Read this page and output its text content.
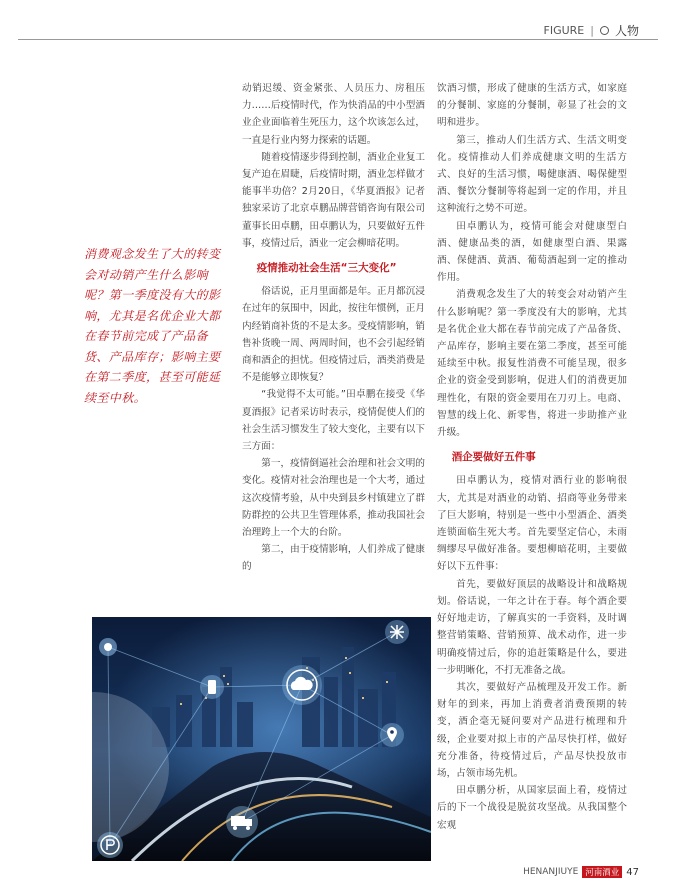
FIGURE | 人物
消费观念发生了大的转变会对动销产生什么影响呢？第一季度没有大的影响，尤其是名优企业大都在春节前完成了产品备货、产品库存；影响主要在第二季度，甚至可能延续至中秋。

动销迟缓、资金紧张、人员压力、房租压力……后疫情时代，作为快消品的中小型酒业企业面临着生死压力，这个坎该怎么过，一直是行业内努力探索的话题。

随着疫情逐步得到控制，酒业企业复工复产迫在眉睫，后疫情时期，酒业怎样做才能事半功倍？2月20日，《华夏酒报》记者独家采访了北京卓鹏品牌营销咨询有限公司董事长田卓鹏，田卓鹏认为，只要做好五件事，疫情过后，酒业一定会柳暗花明。

疫情推动社会生活“三大变化”

俗话说，正月里面都是年。正月都沉浸在过年的氛围中，因此，按往年惯例，正月内经销商补货的不是太多。受疫情影响，销售补货晚一周、两周时间，也不会引起经销商和酒企的担忧。但疫情过后，酒类消费是不是能够立即恢复？

“我觉得不太可能。”田卓鹏在接受《华夏酒报》记者采访时表示，疫情促使人们的社会生活习惯发生了较大变化，主要有以下三方面：

第一，疫情倒逼社会治理和社会文明的变化。疫情对社会治理也是一个大考，通过这次疫情考验，从中央到县乡村镇建立了群防群控的公共卫生管理体系，推动我国社会治理跨上一个大的台阶。

第二，由于疫情影响，人们养成了健康的

饮酒习惯，形成了健康的生活方式，如家庭的分餐制、家庭的分餐制，彰显了社会的文明和进步。

第三，推动人们生活方式、生活文明变化。疫情推动人们养成健康文明的生活方式、良好的生活习惯，喝健康酒、喝保健型酒、餐饮分餐制等将起到一定的作用，并且这种流行之势不可逆。

田卓鹏认为，疫情可能会对健康型白酒、健康品类的酒，如健康型白酒、果露酒、保健酒、黄酒、葡萄酒起到一定的推动作用。

消费观念发生了大的转变会对动销产生什么影响呢？第一季度没有大的影响，尤其是名优企业大都在春节前完成了产品备货、产品库存，影响主要在第二季度，甚至可能延续至中秋。报复性消费不可能呈现，很多企业的资金受到影响，促进人们的消费更加理性化，有限的资金要用在刀刃上。电商、智慧的线上化、新零售，将进一步助推产业升级。

酒企要做好五件事

田卓鹏认为，疫情对酒行业的影响很大，尤其是对酒业的动销、招商等业务带来了巨大影响，特别是一些中小型酒企、酒类连锁面临生死大考。首先要坚定信心，未雨绸缪尽早做好准备。要想柳暗花明，主要做好以下五件事：

首先，要做好顶层的战略设计和战略规划。俗话说，一年之计在于春。每个酒企要好好地走访，了解真实的一手资料，及时调整营销策略、营销预算、战术动作，进一步明确疫情过后，你的追赶策略是什么，要进一步明晰化，不打无准备之战。

其次，要做好产品梳理及开发工作。新财年的到来，再加上消费者消费预期的转变，酒企毫无疑问要对产品进行梳理和升级，企业要对拟上市的产品尽快打样，做好充分准备，待疫情过后，产品尽快投放市场，占领市场先机。

田卓鹏分析，从国家层面上看，疫情过后的下一个战役是脱贫攻坚战。从我国整个宏观

HENANJIUYE 河南酒业 47
